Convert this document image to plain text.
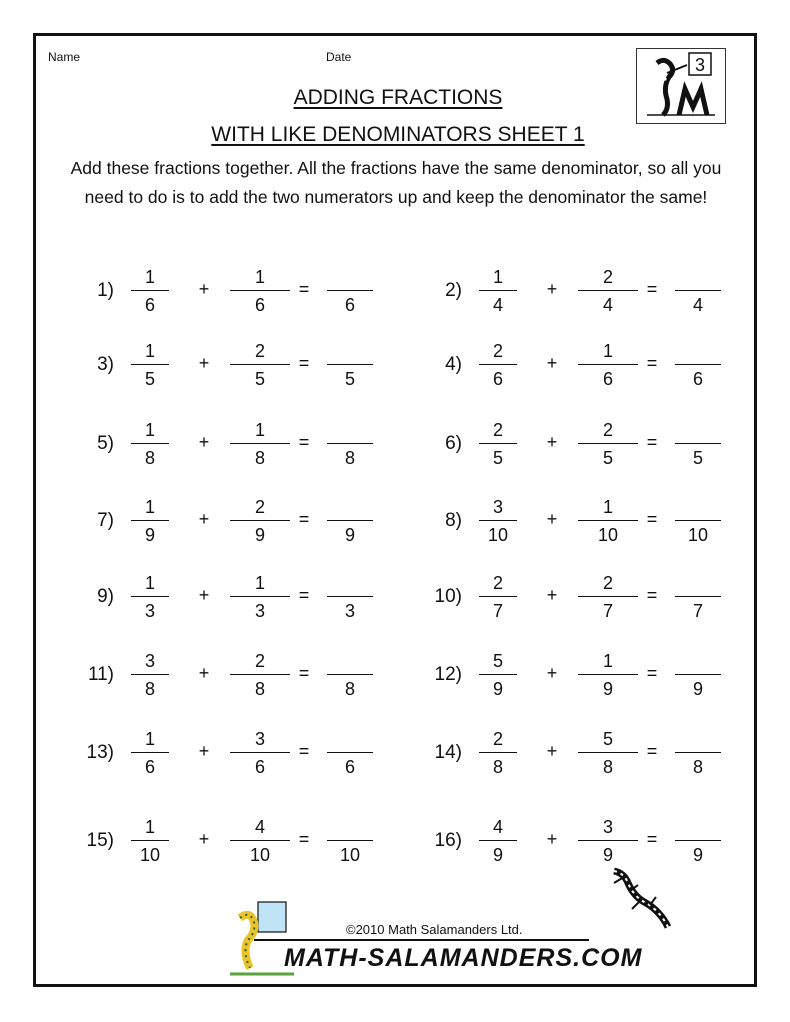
Name	Date	3
ADDING FRACTIONS
WITH LIKE DENOMINATORS SHEET 1
Add these fractions together. All the fractions have the same denominator, so all you need to do is to add the two numerators up and keep the denominator the same!
1)
1
6
+
1
6
=
6
2)
1
4
+
2
4
=
4
3)
1
5
+
2
5
=
5
4)
2
6
+
1
6
=
6
5)
1
8
+
1
8
=
8
6)
2
5
+
2
5
=
5
7)
1
9
+
2
9
=
9
8)
3
10
+
1
10
=
10
9)
1
3
+
1
3
=
3
10)
2
7
+
2
7
=
7
11)
3
8
+
2
8
=
8
12)
5
9
+
1
9
=
9
13)
1
6
+
3
6
=
6
14)
2
8
+
5
8
=
8
15)
1
10
+
4
10
=
10
16)
4
9
+
3
9
=
9
©2010 Math Salamanders Ltd.
MATH-SALAMANDERS.COM
